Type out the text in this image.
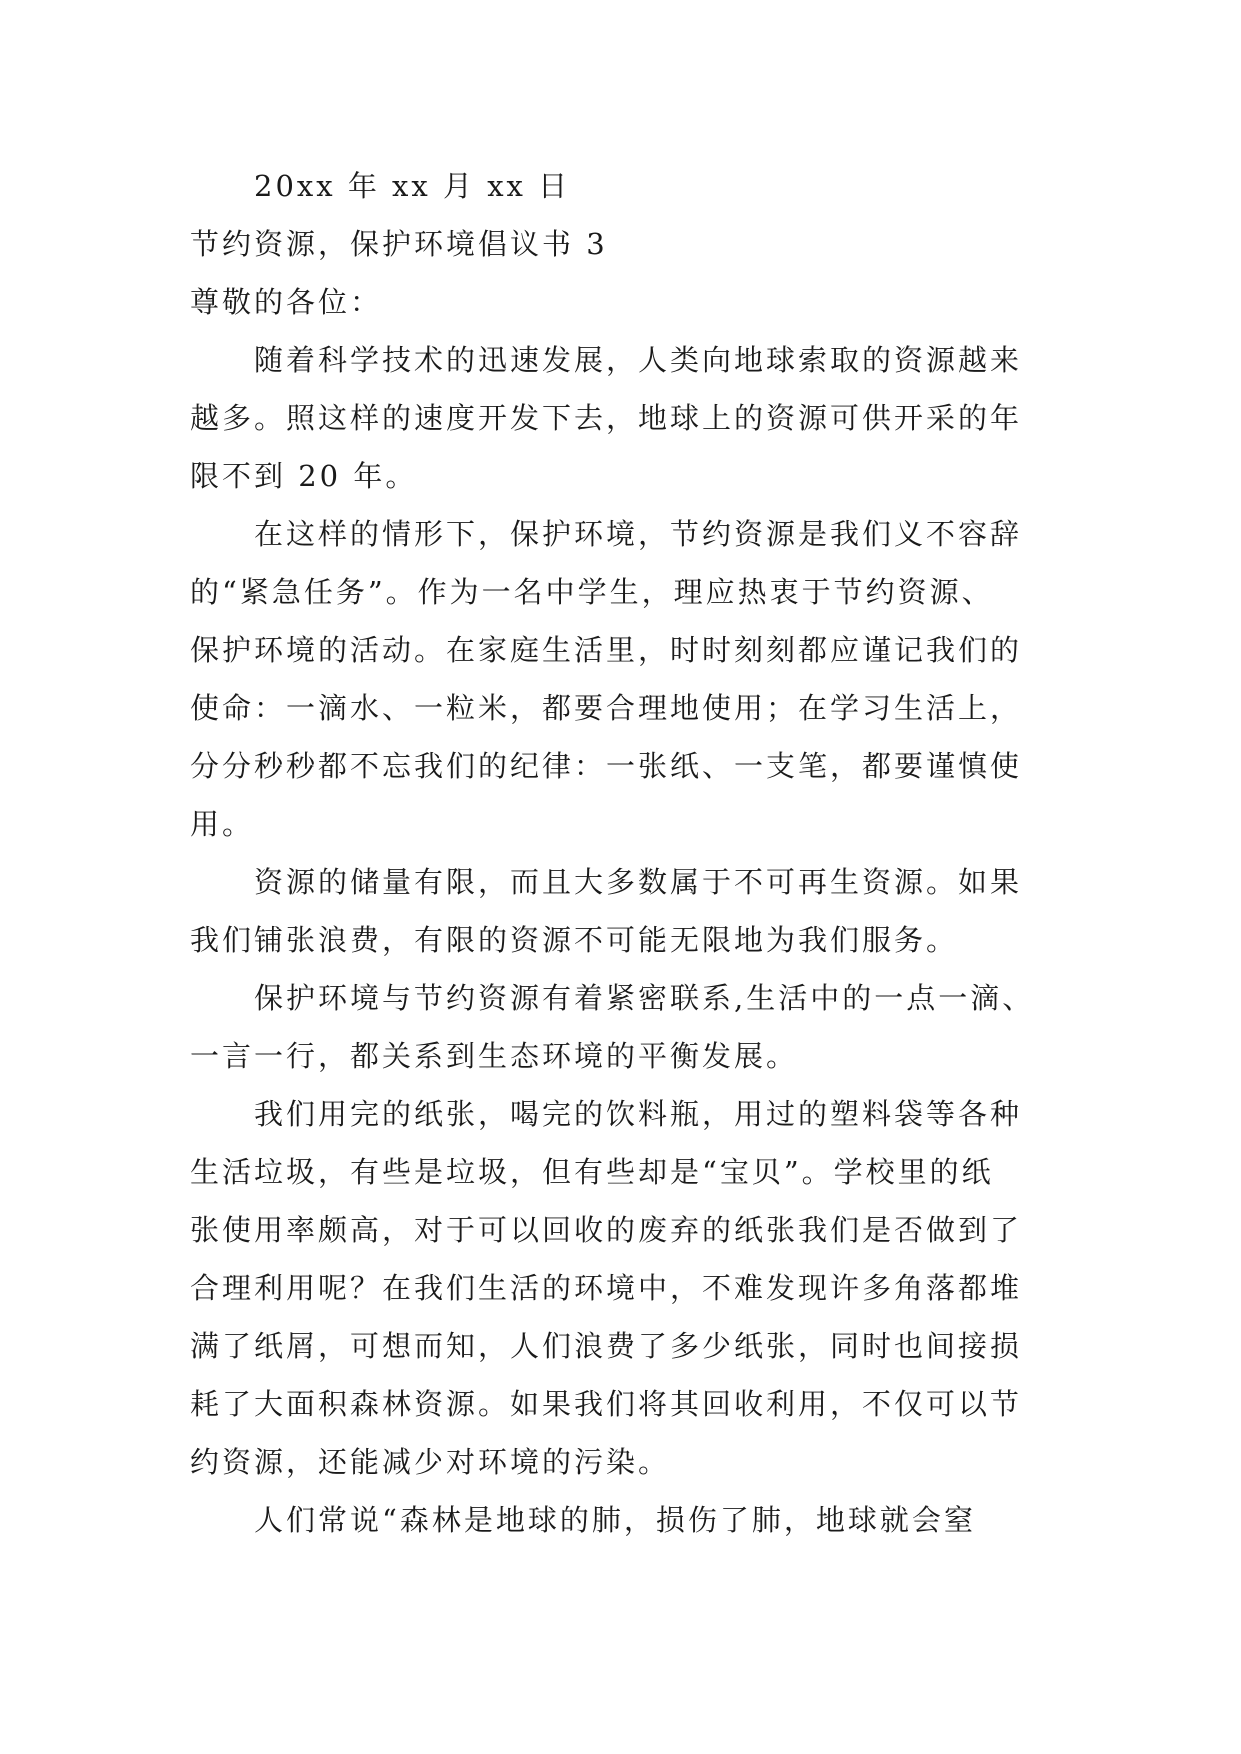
20xx 年 xx 月 xx 日
节约资源，保护环境倡议书 3
尊敬的各位：
随着科学技术的迅速发展，人类向地球索取的资源越来
越多。照这样的速度开发下去，地球上的资源可供开采的年
限不到 20 年。
在这样的情形下，保护环境，节约资源是我们义不容辞
的“紧急任务”。作为一名中学生，理应热衷于节约资源、
保护环境的活动。在家庭生活里，时时刻刻都应谨记我们的
使命：一滴水、一粒米，都要合理地使用；在学习生活上，
分分秒秒都不忘我们的纪律：一张纸、一支笔，都要谨慎使
用。
资源的储量有限，而且大多数属于不可再生资源。如果
我们铺张浪费，有限的资源不可能无限地为我们服务。
保护环境与节约资源有着紧密联系,生活中的一点一滴、
一言一行，都关系到生态环境的平衡发展。
我们用完的纸张，喝完的饮料瓶，用过的塑料袋等各种
生活垃圾，有些是垃圾，但有些却是“宝贝”。学校里的纸
张使用率颇高，对于可以回收的废弃的纸张我们是否做到了
合理利用呢？在我们生活的环境中，不难发现许多角落都堆
满了纸屑，可想而知，人们浪费了多少纸张，同时也间接损
耗了大面积森林资源。如果我们将其回收利用，不仅可以节
约资源，还能减少对环境的污染。
人们常说“森林是地球的肺，损伤了肺，地球就会窒
